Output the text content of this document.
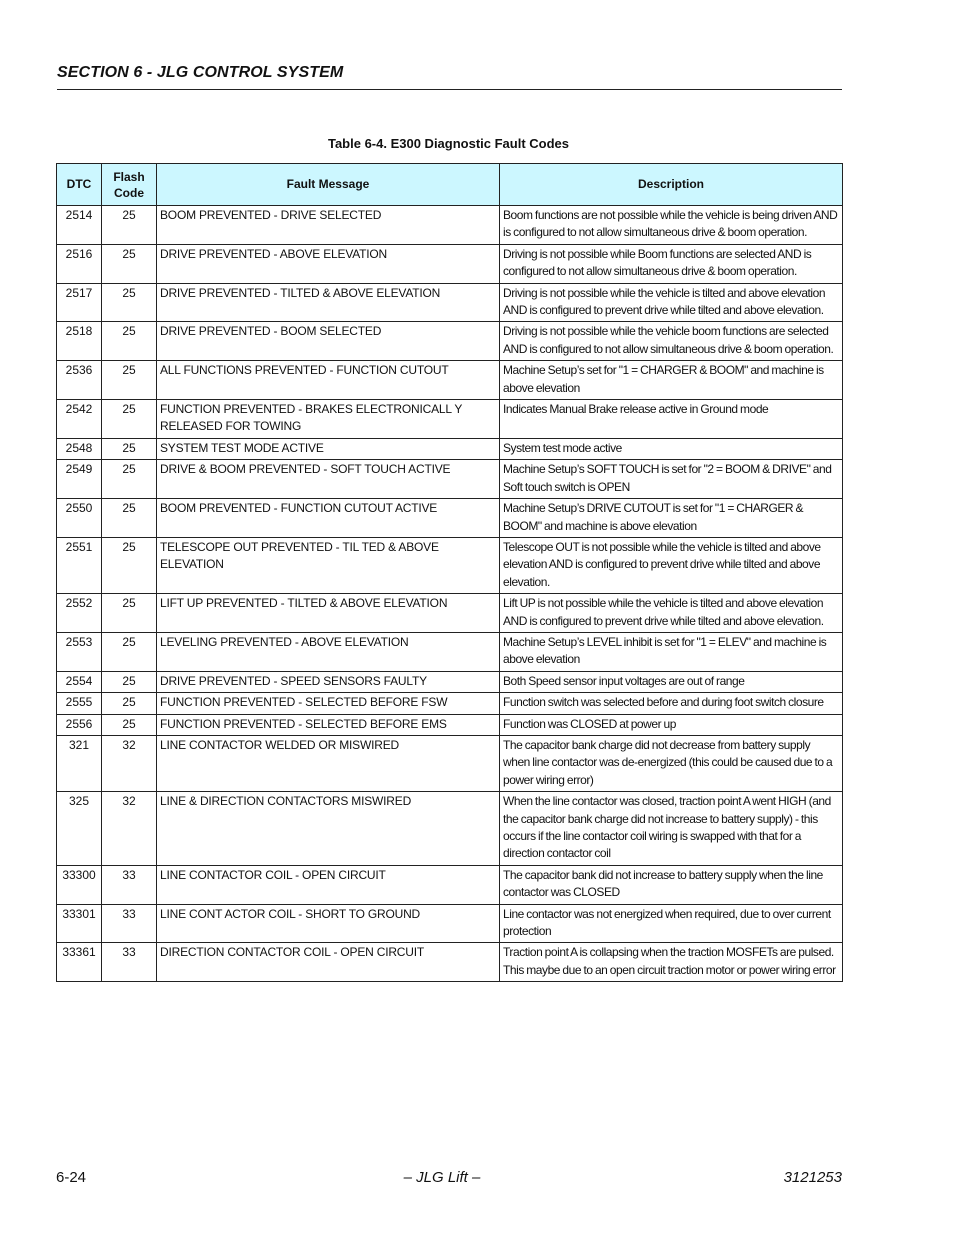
SECTION 6 - JLG CONTROL SYSTEM
Table 6-4. E300 Diagnostic Fault Codes
DTC	Flash Code	Fault Message	Description
2514	25	BOOM PREVENTED - DRIVE SELECTED	Boom functions are not possible while the vehicle is being driven AND is configured to not allow simultaneous drive & boom operation.
2516	25	DRIVE PREVENTED - ABOVE ELEVATION	Driving is not possible while Boom functions are selected AND is configured to not allow simultaneous drive & boom operation.
2517	25	DRIVE PREVENTED - TILTED & ABOVE ELEVATION	Driving is not possible while the vehicle is tilted and above elevation AND is configured to prevent drive while tilted and above elevation.
2518	25	DRIVE PREVENTED - BOOM SELECTED	Driving is not possible while the vehicle boom functions are selected AND is configured to not allow simultaneous drive & boom operation.
2536	25	ALL FUNCTIONS PREVENTED - FUNCTION CUTOUT	Machine Setup’s set for "1 = CHARGER & BOOM" and machine is above elevation
2542	25	FUNCTION PREVENTED - BRAKES ELECTRONICALL Y RELEASED FOR TOWING	Indicates Manual Brake release active in Ground mode
2548	25	SYSTEM TEST MODE ACTIVE	System test mode active
2549	25	DRIVE & BOOM PREVENTED - SOFT TOUCH ACTIVE	Machine Setup’s SOFT TOUCH is set for "2 = BOOM & DRIVE" and Soft touch switch is OPEN
2550	25	BOOM PREVENTED - FUNCTION CUTOUT ACTIVE	Machine Setup’s DRIVE CUTOUT is set for "1 = CHARGER & BOOM" and machine is above elevation
2551	25	TELESCOPE OUT PREVENTED - TIL TED & ABOVE ELEVATION	Telescope OUT is not possible while the vehicle is tilted and above elevation AND is configured to prevent drive while tilted and above elevation.
2552	25	LIFT UP PREVENTED - TILTED & ABOVE ELEVATION	Lift UP is not possible while the vehicle is tilted and above elevation AND is configured to prevent drive while tilted and above elevation.
2553	25	LEVELING PREVENTED - ABOVE ELEVATION	Machine Setup’s LEVEL inhibit is set for "1 = ELEV" and machine is above elevation
2554	25	DRIVE PREVENTED - SPEED SENSORS FAULTY	Both Speed sensor input voltages are out of range
2555	25	FUNCTION PREVENTED - SELECTED BEFORE FSW	Function switch was selected before and during foot switch closure
2556	25	FUNCTION PREVENTED - SELECTED BEFORE EMS	Function was CLOSED at power up
321	32	LINE CONTACTOR WELDED OR MISWIRED	The capacitor bank charge did not decrease from battery supply when line contactor was de-energized (this could be caused due to a power wiring error)
325	32	LINE & DIRECTION CONTACTORS MISWIRED	When the line contactor was closed, traction point A went HIGH (and the capacitor bank charge did not increase to battery supply) - this occurs if the line contactor coil wiring is swapped with that for a direction contactor coil
33300	33	LINE CONTACTOR COIL - OPEN CIRCUIT	The capacitor bank did not increase to battery supply when the line contactor was CLOSED
33301	33	LINE CONT ACTOR COIL - SHORT TO GROUND	Line contactor was not energized when required, due to over current protection
33361	33	DIRECTION CONTACTOR COIL - OPEN CIRCUIT	Traction point A is collapsing when the traction MOSFETs are pulsed. This maybe due to an open circuit traction motor or power wiring error
6-24	– JLG Lift –	3121253
